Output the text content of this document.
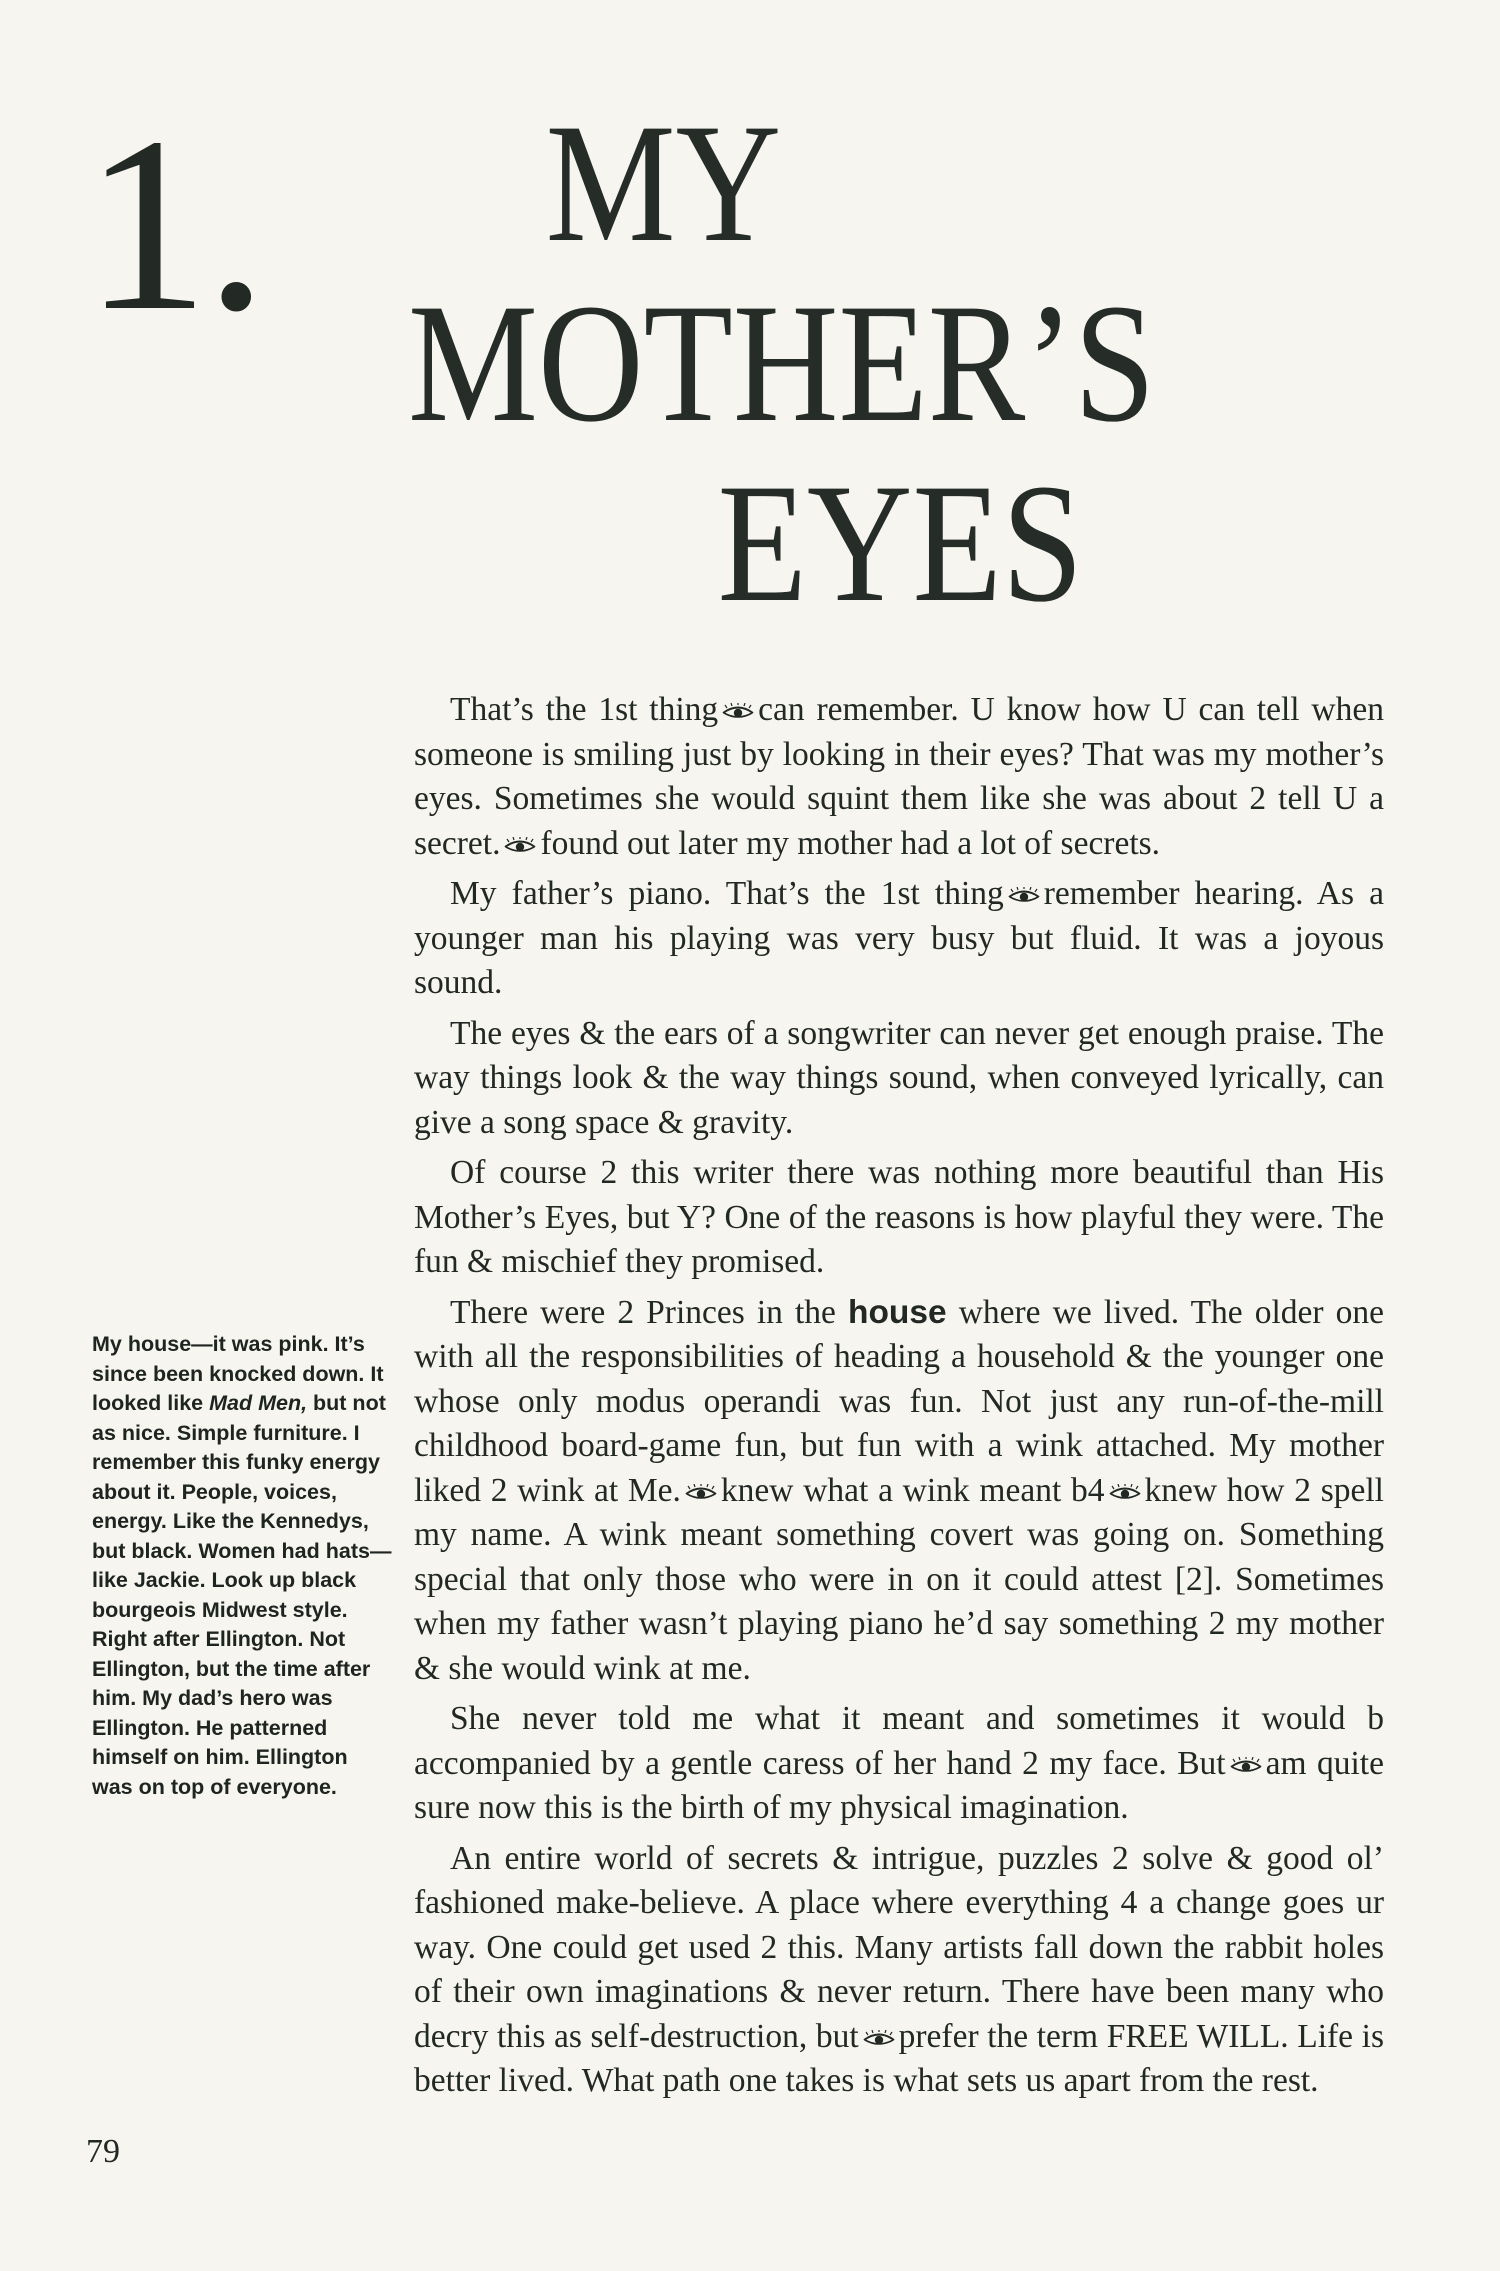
1.	MY
MOTHER’S
EYES

That’s the 1st thing can remember. U know how U can tell when someone is smiling just by looking in their eyes? That was my mother’s eyes. Sometimes she would squint them like she was about 2 tell U a secret. found out later my mother had a lot of secrets.

My father’s piano. That’s the 1st thing remember hearing. As a younger man his playing was very busy but fluid. It was a joyous sound.

The eyes & the ears of a songwriter can never get enough praise. The way things look & the way things sound, when conveyed lyrically, can give a song space & gravity.

Of course 2 this writer there was nothing more beautiful than His Mother’s Eyes, but Y? One of the reasons is how playful they were. The fun & mischief they promised.

There were 2 Princes in the house where we lived. The older one with all the responsibilities of heading a household & the younger one whose only modus operandi was fun. Not just any run-of-the-mill childhood board-game fun, but fun with a wink attached. My mother liked 2 wink at Me. knew what a wink meant b4 knew how 2 spell my name. A wink meant something covert was going on. Something special that only those who were in on it could attest [2]. Sometimes when my father wasn’t playing piano he’d say something 2 my mother & she would wink at me.

She never told me what it meant and sometimes it would b accompanied by a gentle caress of her hand 2 my face. But am quite sure now this is the birth of my physical imagination.

An entire world of secrets & intrigue, puzzles 2 solve & good ol’ fashioned make-believe. A place where everything 4 a change goes ur way. One could get used 2 this. Many artists fall down the rabbit holes of their own imaginations & never return. There have been many who decry this as self-destruction, but prefer the term FREE WILL. Life is better lived. What path one takes is what sets us apart from the rest.

My house—it was pink. It’s since been knocked down. It looked like Mad Men, but not as nice. Simple furniture. I remember this funky energy about it. People, voices, energy. Like the Kennedys, but black. Women had hats—like Jackie. Look up black bourgeois Midwest style. Right after Ellington. Not Ellington, but the time after him. My dad’s hero was Ellington. He patterned himself on him. Ellington was on top of everyone.
79
